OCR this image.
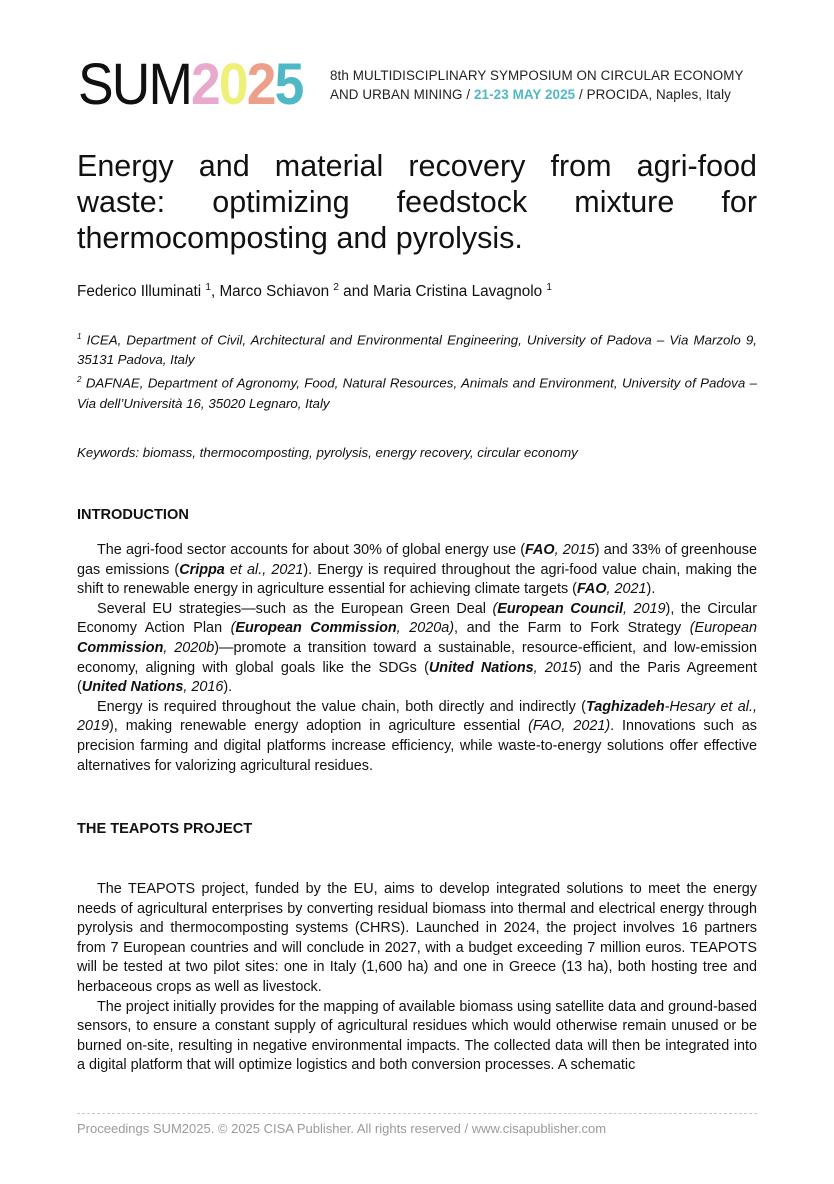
SUM 2 0 2 5 8th MULTIDISCIPLINARY SYMPOSIUM ON CIRCULAR ECONOMY
AND URBAN MINING / 21-23 MAY 2025 / PROCIDA, Naples, Italy
Energy and material recovery from agri-food waste: optimizing feedstock mixture for thermocomposting and pyrolysis.
Federico Illuminati $^1$, Marco Schiavon $^2$ and Maria Cristina Lavagnolo $^1$

$^1$ ICEA, Department of Civil, Architectural and Environmental Engineering, University of Padova – Via Marzolo 9, 35131 Padova, Italy

$^2$ DAFNAE, Department of Agronomy, Food, Natural Resources, Animals and Environment, University of Padova – Via dell’Università 16, 35020 Legnaro, Italy

Keywords: biomass, thermocomposting, pyrolysis, energy recovery, circular economy
INTRODUCTION

The agri-food sector accounts for about 30% of global energy use (FAO, 2015) and 33% of greenhouse gas emissions (Crippa et al., 2021). Energy is required throughout the agri-food value chain, making the shift to renewable energy in agriculture essential for achieving climate targets (FAO, 2021).

Several EU strategies—such as the European Green Deal (European Council, 2019), the Circular Economy Action Plan (European Commission, 2020a), and the Farm to Fork Strategy (European Commission, 2020b)—promote a transition toward a sustainable, resource-efficient, and low-emission economy, aligning with global goals like the SDGs (United Nations, 2015) and the Paris Agreement (United Nations, 2016).

Energy is required throughout the value chain, both directly and indirectly (Taghizadeh-Hesary et al., 2019), making renewable energy adoption in agriculture essential (FAO, 2021). Innovations such as precision farming and digital platforms increase efficiency, while waste-to-energy solutions offer effective alternatives for valorizing agricultural residues.

THE TEAPOTS PROJECT

The TEAPOTS project, funded by the EU, aims to develop integrated solutions to meet the energy needs of agricultural enterprises by converting residual biomass into thermal and electrical energy through pyrolysis and thermocomposting systems (CHRS). Launched in 2024, the project involves 16 partners from 7 European countries and will conclude in 2027, with a budget exceeding 7 million euros. TEAPOTS will be tested at two pilot sites: one in Italy (1,600 ha) and one in Greece (13 ha), both hosting tree and herbaceous crops as well as livestock.

The project initially provides for the mapping of available biomass using satellite data and ground-based sensors, to ensure a constant supply of agricultural residues which would otherwise remain unused or be burned on-site, resulting in negative environmental impacts. The collected data will then be integrated into a digital platform that will optimize logistics and both conversion processes. A schematic

Proceedings SUM2025. © 2025 CISA Publisher. All rights reserved / www.cisapublisher.com
